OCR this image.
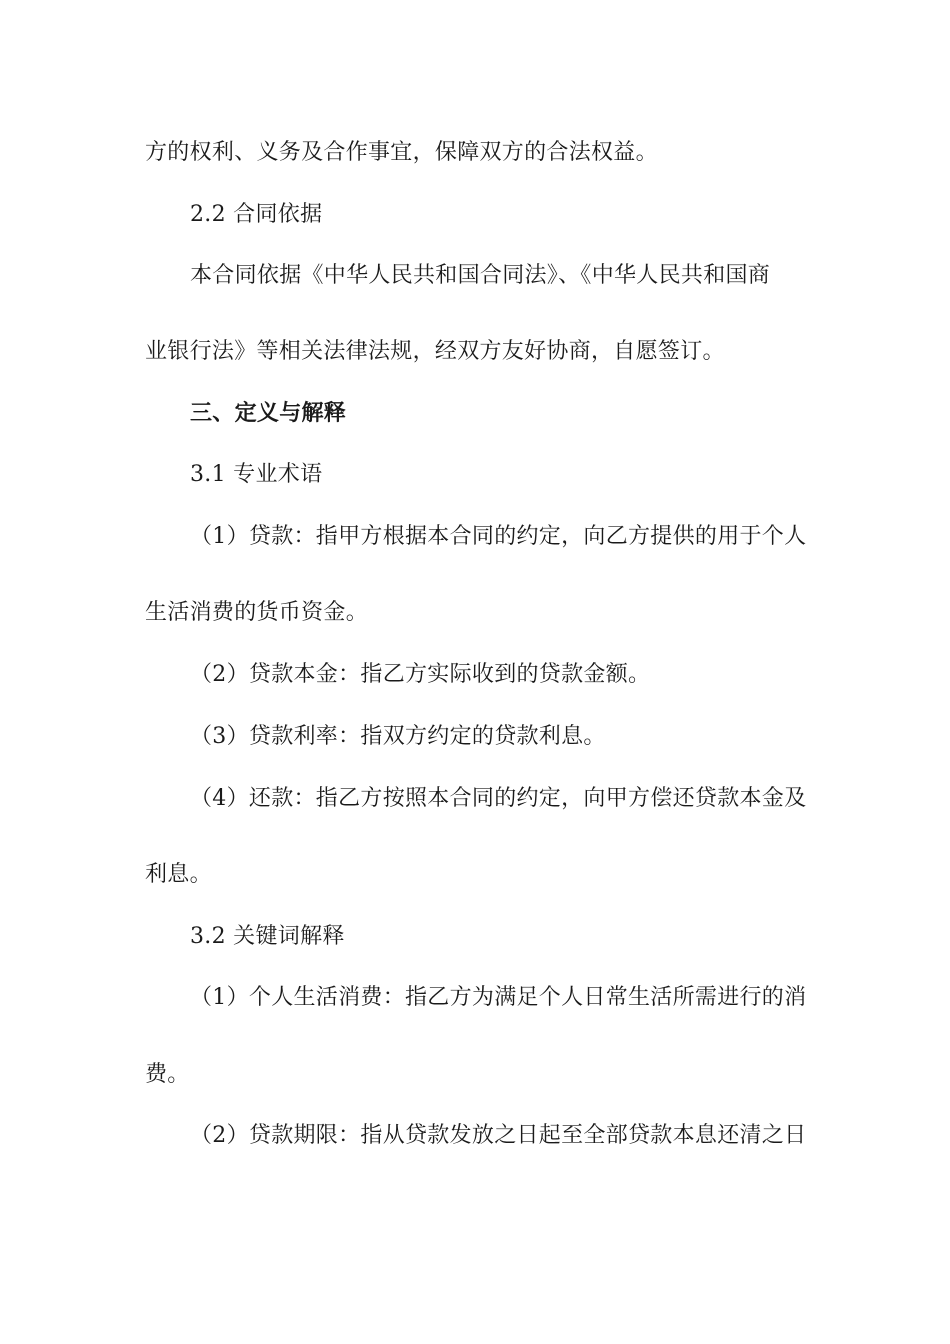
方的权利、义务及合作事宜，保障双方的合法权益。
2.2 合同依据
本合同依据《中华人民共和国合同法》、《中华人民共和国商
业银行法》等相关法律法规，经双方友好协商，自愿签订。
三、定义与解释
3.1 专业术语
（1）贷款：指甲方根据本合同的约定，向乙方提供的用于个人
生活消费的货币资金。
（2）贷款本金：指乙方实际收到的贷款金额。
（3）贷款利率：指双方约定的贷款利息。
（4）还款：指乙方按照本合同的约定，向甲方偿还贷款本金及
利息。
3.2 关键词解释
（1）个人生活消费：指乙方为满足个人日常生活所需进行的消
费。
（2）贷款期限：指从贷款发放之日起至全部贷款本息还清之日
